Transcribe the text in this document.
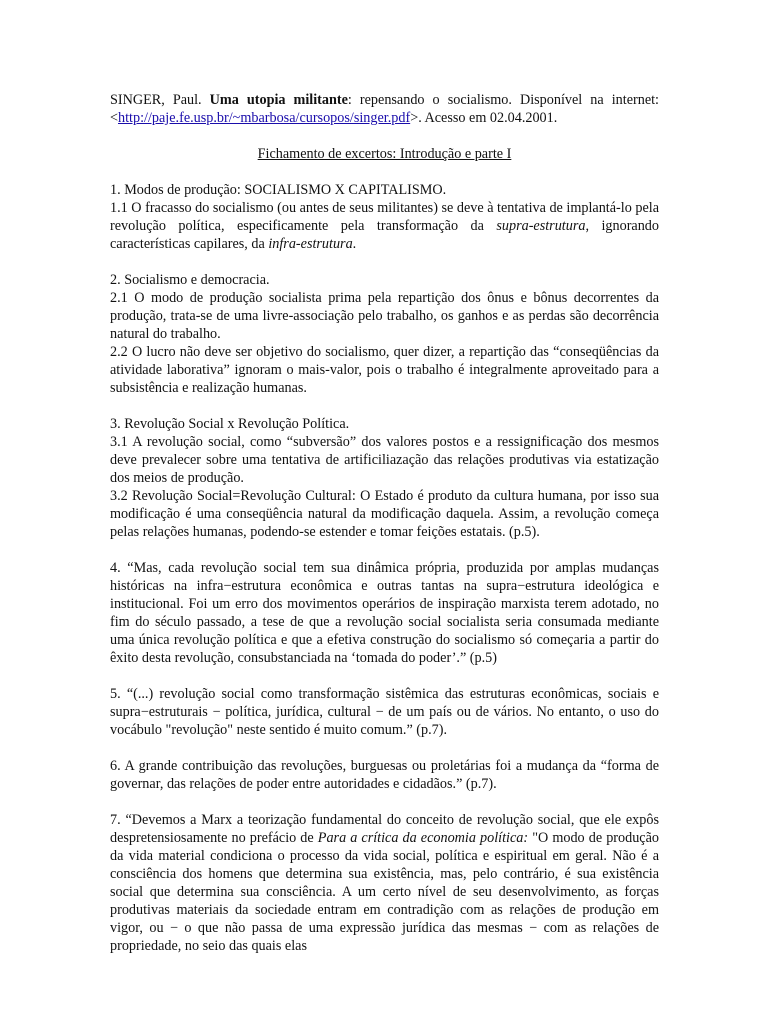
SINGER, Paul. Uma utopia militante: repensando o socialismo. Disponível na internet: <http://paje.fe.usp.br/~mbarbosa/cursopos/singer.pdf>. Acesso em 02.04.2001.

Fichamento de excertos: Introdução e parte I

1. Modos de produção: SOCIALISMO X CAPITALISMO.

1.1 O fracasso do socialismo (ou antes de seus militantes) se deve à tentativa de implantá-lo pela revolução política, especificamente pela transformação da supra-estrutura, ignorando características capilares, da infra-estrutura.

2. Socialismo e democracia.

2.1 O modo de produção socialista prima pela repartição dos ônus e bônus decorrentes da produção, trata-se de uma livre-associação pelo trabalho, os ganhos e as perdas são decorrência natural do trabalho.

2.2 O lucro não deve ser objetivo do socialismo, quer dizer, a repartição das “conseqüências da atividade laborativa” ignoram o mais-valor, pois o trabalho é integralmente aproveitado para a subsistência e realização humanas.

3. Revolução Social x Revolução Política.

3.1 A revolução social, como “subversão” dos valores postos e a ressignificação dos mesmos deve prevalecer sobre uma tentativa de artificiliazação das relações produtivas via estatização dos meios de produção.

3.2 Revolução Social=Revolução Cultural: O Estado é produto da cultura humana, por isso sua modificação é uma conseqüência natural da modificação daquela. Assim, a revolução começa pelas relações humanas, podendo-se estender e tomar feições estatais. (p.5).

4. “Mas, cada revolução social tem sua dinâmica própria, produzida por amplas mudanças históricas na infra−estrutura econômica e outras tantas na supra−estrutura ideológica e institucional. Foi um erro dos movimentos operários de inspiração marxista terem adotado, no fim do século passado, a tese de que a revolução social socialista seria consumada mediante uma única revolução política e que a efetiva construção do socialismo só começaria a partir do êxito desta revolução, consubstanciada na ‘tomada do poder’.” (p.5)

5. “(...) revolução social como transformação sistêmica das estruturas econômicas, sociais e supra−estruturais − política, jurídica, cultural − de um país ou de vários. No entanto, o uso do vocábulo "revolução" neste sentido é muito comum.” (p.7).

6. A grande contribuição das revoluções, burguesas ou proletárias foi a mudança da “forma de governar, das relações de poder entre autoridades e cidadãos.” (p.7).

7. “Devemos a Marx a teorização fundamental do conceito de revolução social, que ele expôs despretensiosamente no prefácio de Para a crítica da economia política: "O modo de produção da vida material condiciona o processo da vida social, política e espiritual em geral. Não é a consciência dos homens que determina sua existência, mas, pelo contrário, é sua existência social que determina sua consciência. A um certo nível de seu desenvolvimento, as forças produtivas materiais da sociedade entram em contradição com as relações de produção em vigor, ou − o que não passa de uma expressão jurídica das mesmas − com as relações de propriedade, no seio das quais elas
